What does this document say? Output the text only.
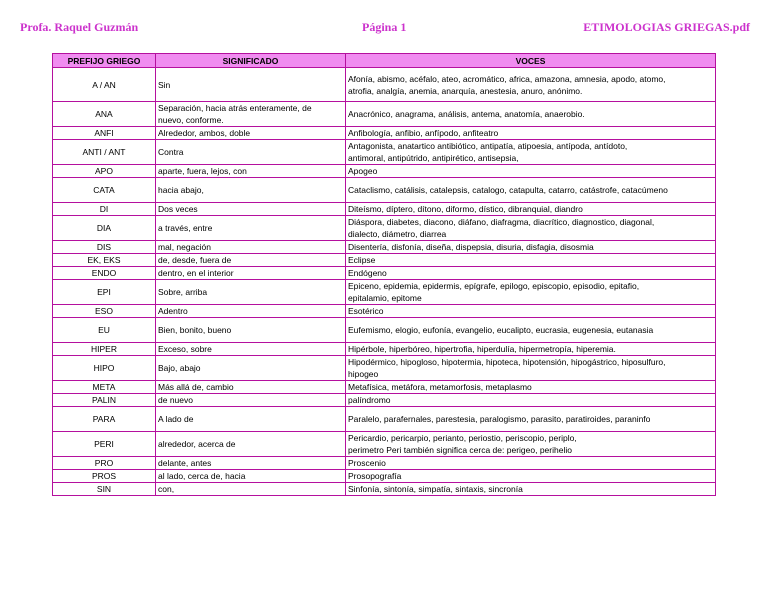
Profa. Raquel Guzmán	Página 1	ETIMOLOGIAS GRIEGAS.pdf
PREFIJO GRIEGO	SIGNIFICADO	VOCES
A / AN	Sin	Afonía, abismo, acéfalo, ateo, acromático, africa, amazona, amnesia, apodo, atomo,
atrofia, analgía, anemia, anarquía, anestesia, anuro, anónimo.
ANA	Separación, hacia atrás enteramente, de
nuevo, conforme.	Anacrónico, anagrama, análisis, antema, anatomía, anaerobio.
ANFI	Alrededor, ambos, doble	Anfibología, anfibio, anfípodo, anfiteatro
ANTI / ANT	Contra	Antagonista, anatartico antibiótico, antipatía, atipoesia, antípoda, antídoto,
antimoral, antipútrido, antipirético, antisepsia,
APO	aparte, fuera, lejos, con	Apogeo
CATA	hacia abajo,	Cataclismo, catálisis, catalepsis, catalogo, catapulta, catarro, catástrofe, catacúmeno
DI	Dos veces	Diteísmo, díptero, dítono, diformo, dístico, dibranquial, diandro
DIA	a través, entre	Diáspora, diabetes, diacono, diáfano, diafragma, diacrítico, diagnostico, diagonal,
dialecto, diámetro, diarrea
DIS	mal, negación	Disentería, disfonía, diseña, dispepsia, disuria, disfagia, disosmia
EK, EKS	de, desde, fuera de	Eclipse
ENDO	dentro, en el interior	Endógeno
EPI	Sobre, arriba	Epiceno, epidemia, epidermis, epígrafe, epilogo, episcopio, episodio, epitafio,
epitalamio, epitome
ESO	Adentro	Esotérico
EU	Bien, bonito, bueno	Eufemismo, elogio, eufonía, evangelio, eucalipto, eucrasia, eugenesia, eutanasia
HIPER	Exceso, sobre	Hipérbole, hiperbóreo, hipertrofia, hiperdulía, hipermetropía, hiperemia.
HIPO	Bajo, abajo	Hipodérmico, hipogloso, hipotermia, hipoteca, hipotensión, hipogástrico, hiposulfuro,
hipogeo
META	Más allá de, cambio	Metafísica, metáfora, metamorfosis, metaplasmo
PALIN	de nuevo	palíndromo
PARA	A lado de	Paralelo, parafernales, parestesia, paralogismo, parasito, paratiroides, paraninfo
PERI	alrededor, acerca de	Pericardio, pericarpio, perianto, periostio, periscopio, periplo,
perimetro Peri también significa cerca de: perigeo, perihelio
PRO	delante, antes	Proscenio
PROS	al lado, cerca de, hacia	Prosopografía
SIN	con,	Sinfonía, sintonía, simpatía, sintaxis, sincronía
